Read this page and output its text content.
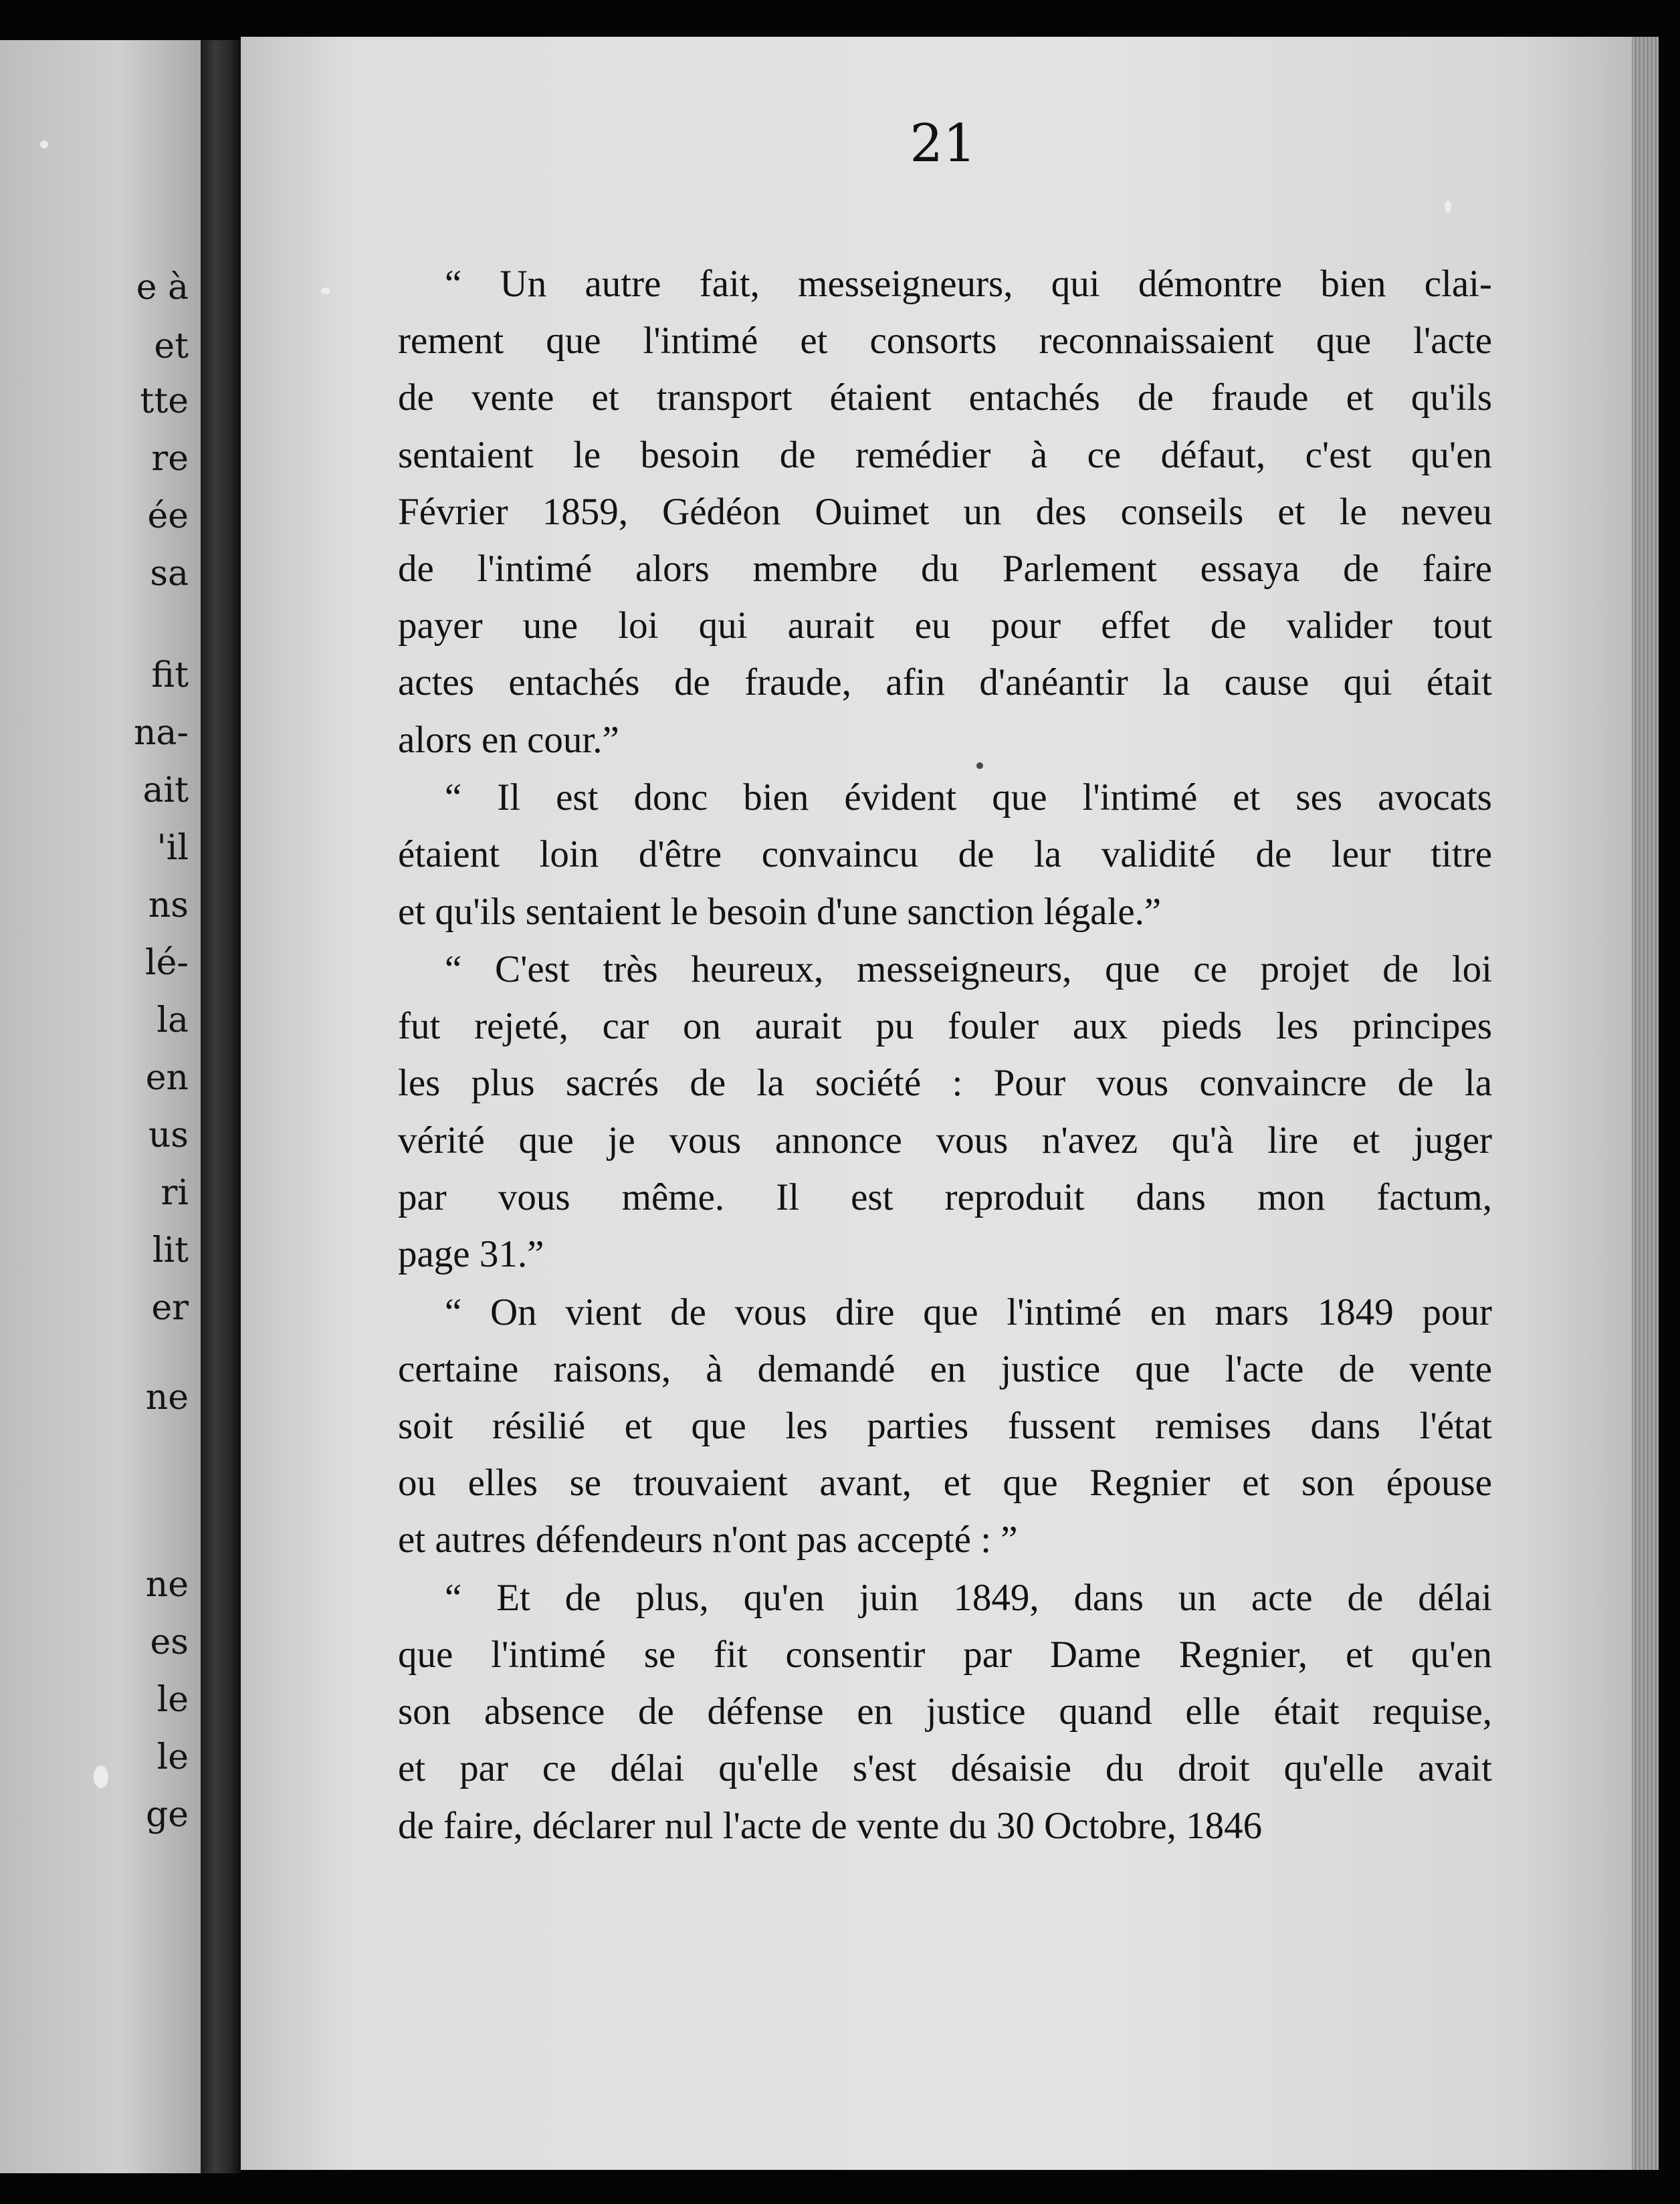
e à
et
tte
re
ée
sa
fit
na-
ait
'il
ns
lé-
la
en
us
ri
lit
er
ne
ne
es
le
le
ge
21
“ Un autre fait, messeigneurs, qui démontre bien clai-
rement que l'intimé et consorts reconnaissaient que l'acte
de vente et transport étaient entachés de fraude et qu'ils
sentaient le besoin de remédier à ce défaut, c'est qu'en
Février 1859, Gédéon Ouimet un des conseils et le neveu
de l'intimé alors membre du Parlement essaya de faire
payer une loi qui aurait eu pour effet de valider tout
actes entachés de fraude, afin d'anéantir la cause qui était
alors en cour.”
“ Il est donc bien évident que l'intimé et ses avocats
étaient loin d'être convaincu de la validité de leur titre
et qu'ils sentaient le besoin d'une sanction légale.”
“ C'est très heureux, messeigneurs, que ce projet de loi
fut rejeté, car on aurait pu fouler aux pieds les principes
les plus sacrés de la société : Pour vous convaincre de la
vérité que je vous annonce vous n'avez qu'à lire et juger
par vous même. Il est reproduit dans mon factum,
page 31.”
“ On vient de vous dire que l'intimé en mars 1849 pour
certaine raisons, à demandé en justice que l'acte de vente
soit résilié et que les parties fussent remises dans l'état
ou elles se trouvaient avant, et que Regnier et son épouse
et autres défendeurs n'ont pas accepté : ”
“ Et de plus, qu'en juin 1849, dans un acte de délai
que l'intimé se fit consentir par Dame Regnier, et qu'en
son absence de défense en justice quand elle était requise,
et par ce délai qu'elle s'est désaisie du droit qu'elle avait
de faire, déclarer nul l'acte de vente du 30 Octobre, 1846
